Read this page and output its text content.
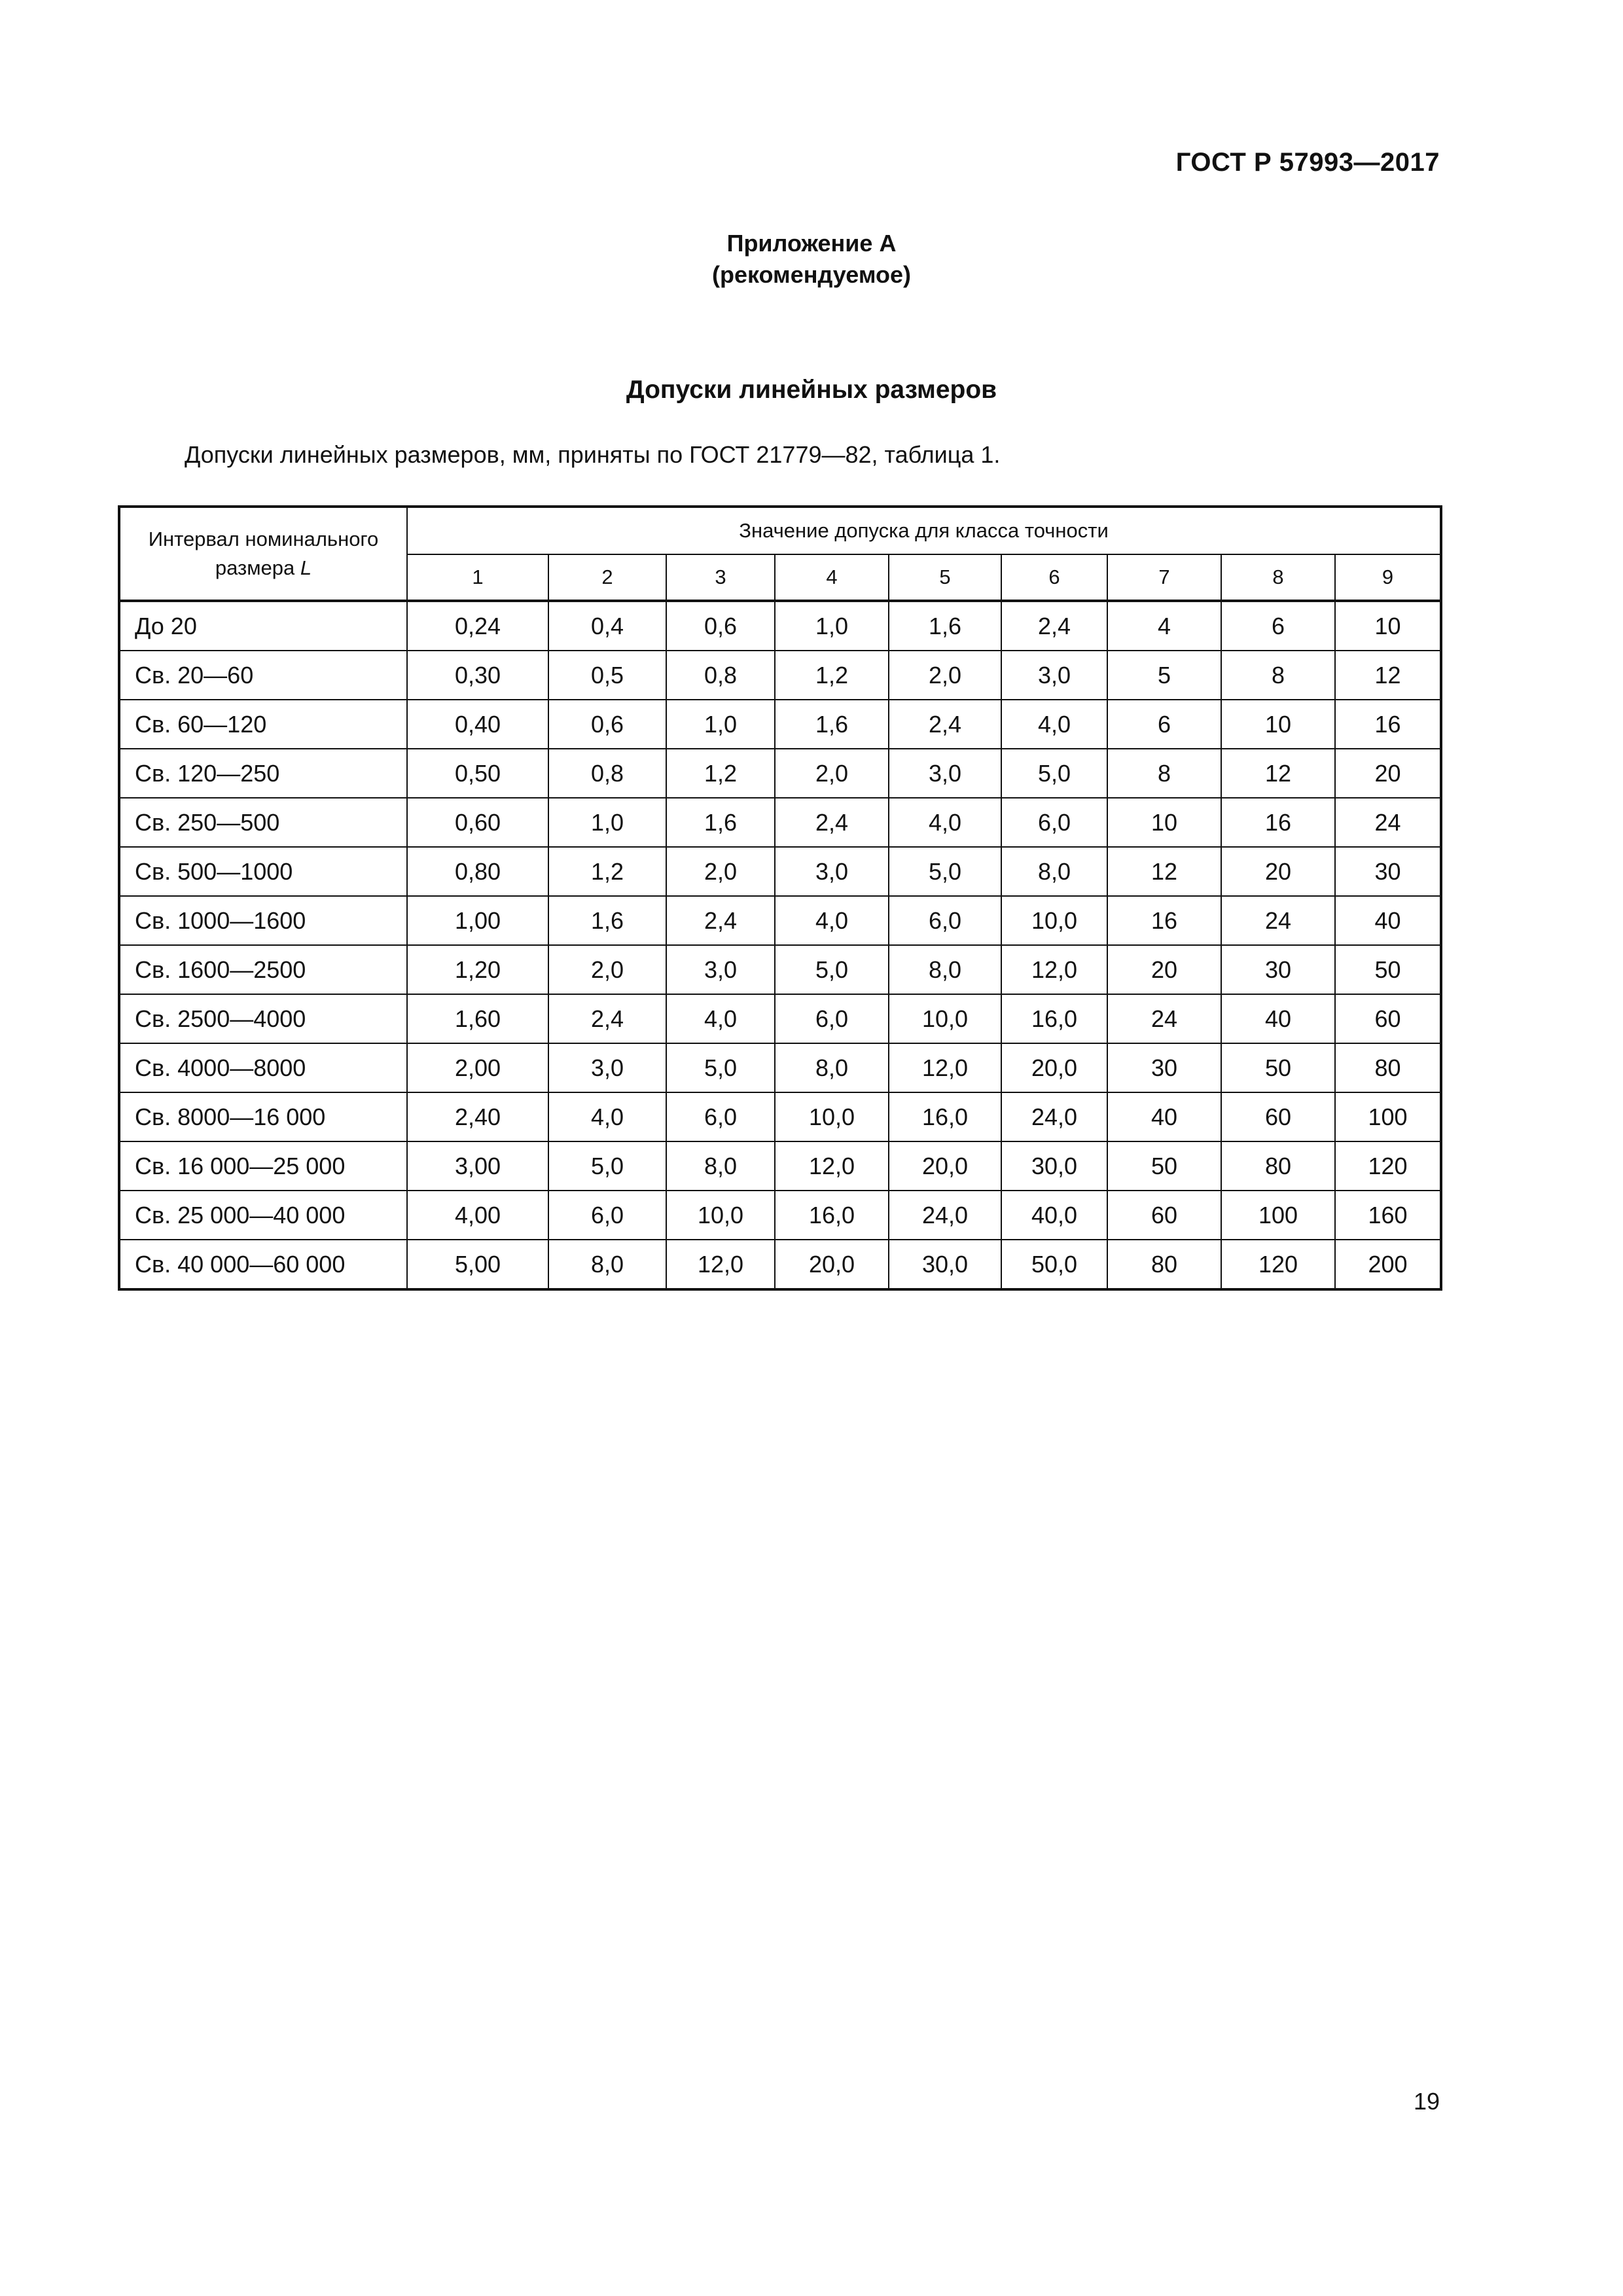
ГОСТ Р 57993—2017
Приложение А
(рекомендуемое)
Допуски линейных размеров
Допуски линейных размеров, мм, приняты по ГОСТ 21779—82, таблица 1.
Интервал номинального
размера L	Значение допуска для класса точности								
	1	2	3	4	5	6	7	8	9
До 20	0,24	0,4	0,6	1,0	1,6	2,4	4	6	10
Св. 20—60	0,30	0,5	0,8	1,2	2,0	3,0	5	8	12
Св. 60—120	0,40	0,6	1,0	1,6	2,4	4,0	6	10	16
Св. 120—250	0,50	0,8	1,2	2,0	3,0	5,0	8	12	20
Св. 250—500	0,60	1,0	1,6	2,4	4,0	6,0	10	16	24
Св. 500—1000	0,80	1,2	2,0	3,0	5,0	8,0	12	20	30
Св. 1000—1600	1,00	1,6	2,4	4,0	6,0	10,0	16	24	40
Св. 1600—2500	1,20	2,0	3,0	5,0	8,0	12,0	20	30	50
Св. 2500—4000	1,60	2,4	4,0	6,0	10,0	16,0	24	40	60
Св. 4000—8000	2,00	3,0	5,0	8,0	12,0	20,0	30	50	80
Св. 8000—16 000	2,40	4,0	6,0	10,0	16,0	24,0	40	60	100
Св. 16 000—25 000	3,00	5,0	8,0	12,0	20,0	30,0	50	80	120
Св. 25 000—40 000	4,00	6,0	10,0	16,0	24,0	40,0	60	100	160
Св. 40 000—60 000	5,00	8,0	12,0	20,0	30,0	50,0	80	120	200
19
